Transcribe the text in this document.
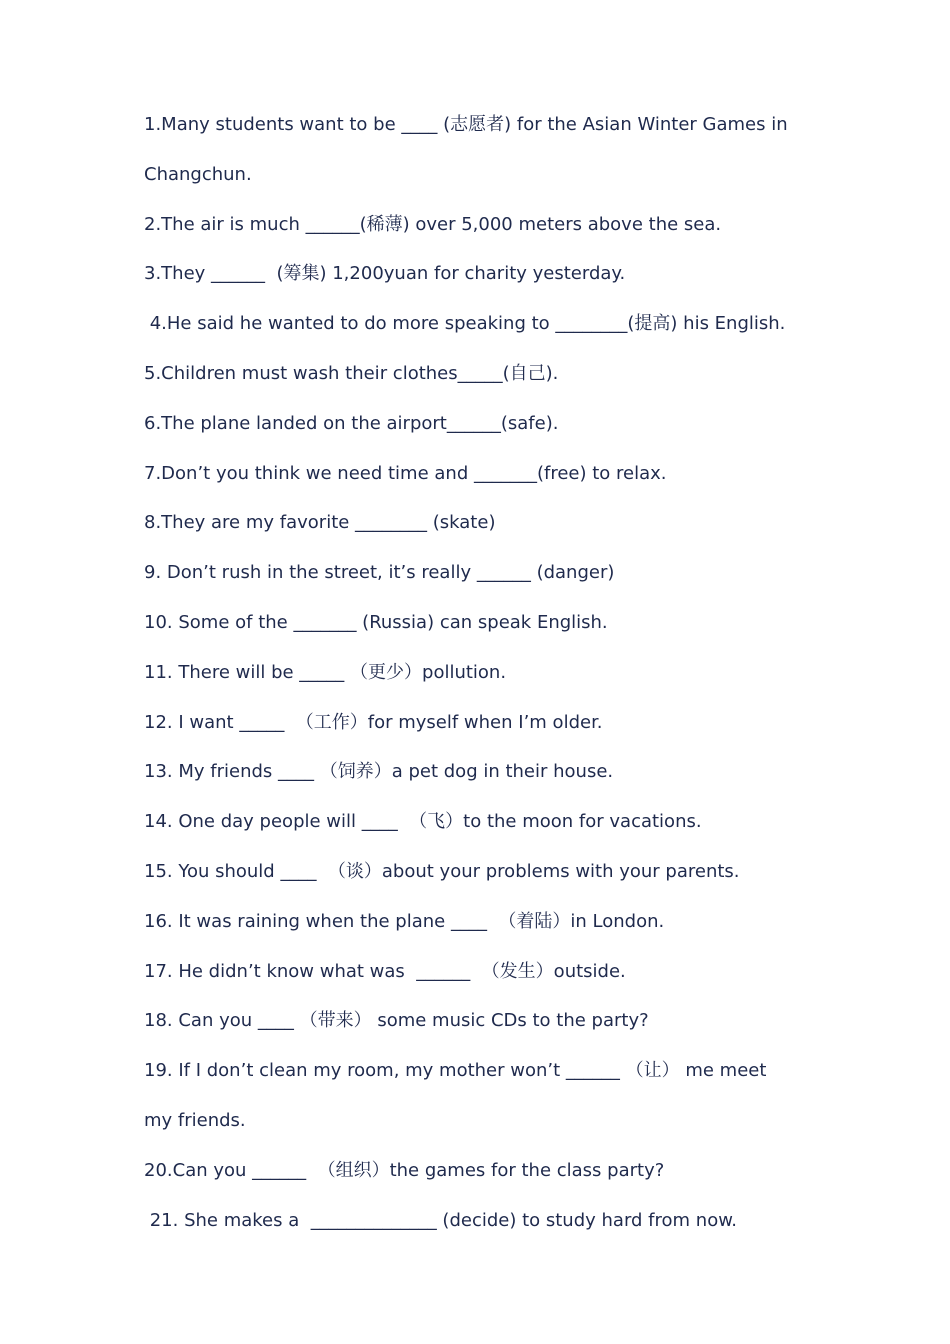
1.Many students want to be ____ (志愿者) for the Asian Winter Games in
Changchun.
2.The air is much ______(稀薄) over 5,000 meters above the sea.
3.They ______  (筹集) 1,200yuan for charity yesterday.
4.He said he wanted to do more speaking to ________(提高) his English.
5.Children must wash their clothes_____(自己).
6.The plane landed on the airport______(safe).
7.Don’t you think we need time and _______(free) to relax.
8.They are my favorite ________ (skate)
9. Don’t rush in the street, it’s really ______ (danger)
10. Some of the _______ (Russia) can speak English.
11. There will be _____ （更少）pollution.
12. I want _____  （工作）for myself when I’m older.
13. My friends ____ （饲养）a pet dog in their house.
14. One day people will ____  （飞）to the moon for vacations.
15. You should ____  （谈）about your problems with your parents.
16. It was raining when the plane ____  （着陆）in London.
17. He didn’t know what was  ______  （发生）outside.
18. Can you ____ （带来） some music CDs to the party?
19. If I don’t clean my room, my mother won’t ______ （让） me meet
my friends.
20.Can you ______  （组织）the games for the class party?
21. She makes a  ______________ (decide) to study hard from now.
